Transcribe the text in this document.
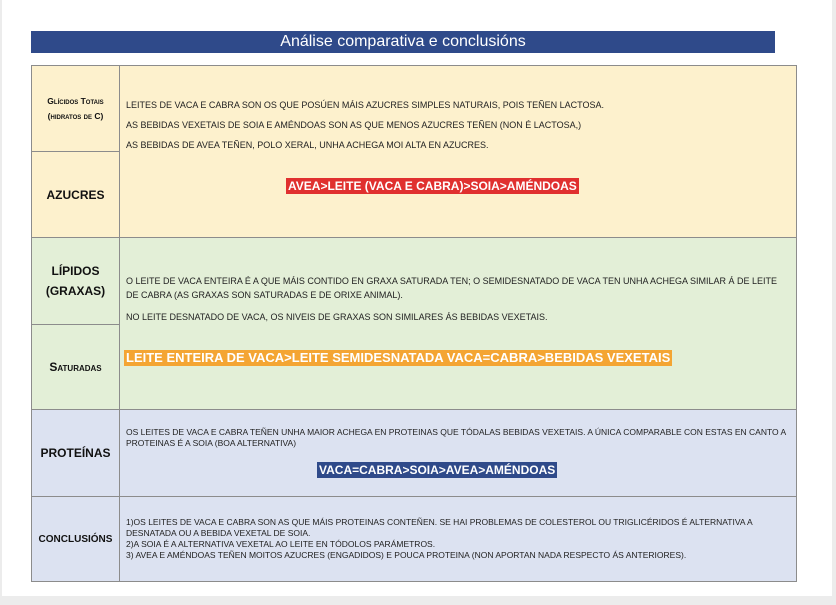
Análise comparativa e conclusións
Glícidos Totais (hidratos de C)
AZUCRES

LEITES DE VACA E CABRA SON OS QUE POSÚEN MÁIS AZUCRES SIMPLES NATURAIS, POIS TEÑEN LACTOSA.

AS BEBIDAS VEXETAIS DE SOIA E AMÉNDOAS SON AS QUE MENOS AZUCRES TEÑEN (NON É LACTOSA,)

AS BEBIDAS DE AVEA TEÑEN, POLO XERAL, UNHA ACHEGA MOI ALTA EN AZUCRES.

AVEA>LEITE (VACA E CABRA)>SOIA>AMÉNDOAS
LÍPIDOS (GRAXAS)
Saturadas

O LEITE DE VACA ENTEIRA É A QUE MÁIS CONTIDO EN GRAXA SATURADA TEN; O SEMIDESNATADO DE VACA TEN UNHA ACHEGA SIMILAR Á DE LEITE DE CABRA (AS GRAXAS SON SATURADAS E DE ORIXE ANIMAL).

NO LEITE DESNATADO DE VACA, OS NIVEIS DE GRAXAS SON SIMILARES ÁS BEBIDAS VEXETAIS.

LEITE ENTEIRA DE VACA>LEITE SEMIDESNATADA VACA=CABRA>BEBIDAS VEXETAIS
PROTEÍNAS
OS LEITES DE VACA E CABRA TEÑEN UNHA MAIOR ACHEGA EN PROTEINAS QUE TÓDALAS BEBIDAS VEXETAIS. A ÚNICA COMPARABLE CON ESTAS EN CANTO A PROTEINAS É A SOIA (BOA ALTERNATIVA)
VACA=CABRA>SOIA>AVEA>AMÉNDOAS
CONCLUSIÓNS
1)OS LEITES DE VACA E CABRA SON AS QUE MÁIS PROTEINAS CONTEÑEN. SE HAI PROBLEMAS DE COLESTEROL OU TRIGLICÉRIDOS É ALTERNATIVA A DESNATADA OU A BEBIDA VEXETAL DE SOIA.
2)A SOIA É A ALTERNATIVA VEXETAL AO LEITE EN TÓDOLOS PARÁMETROS.
3) AVEA E AMÉNDOAS TEÑEN MOITOS AZUCRES (ENGADIDOS) E POUCA PROTEINA (NON APORTAN NADA RESPECTO ÁS ANTERIORES).
